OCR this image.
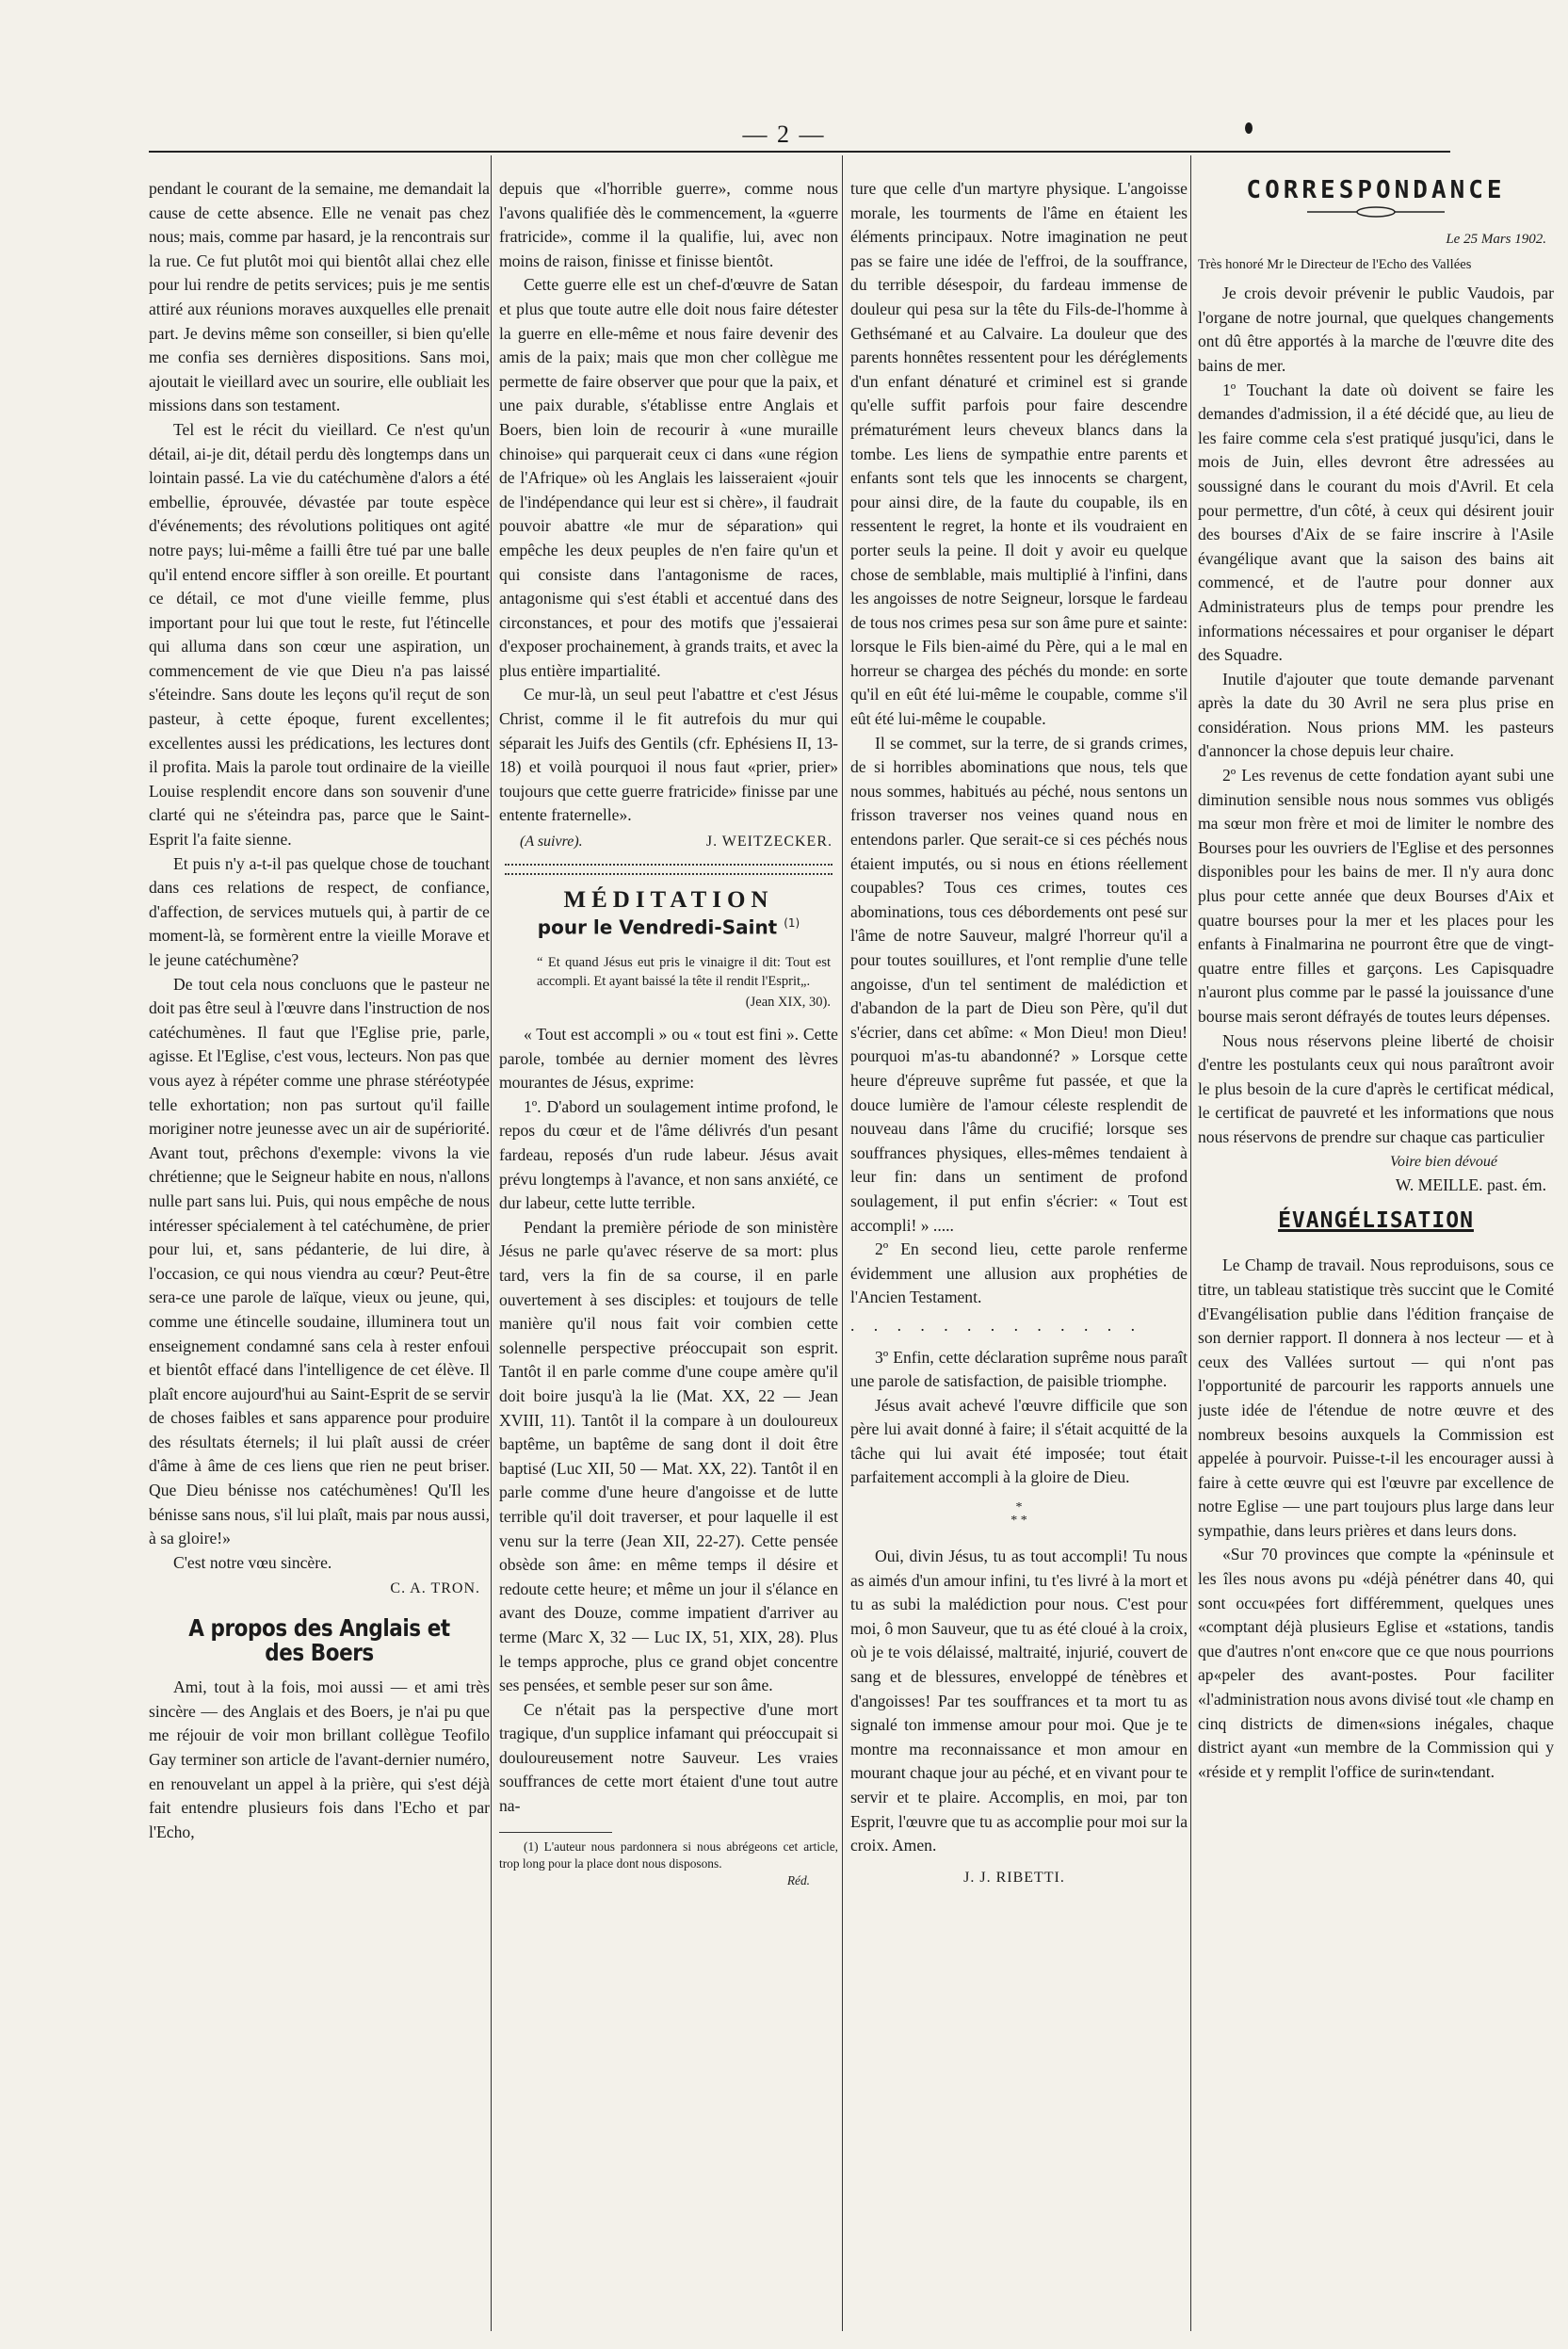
— 2 —

pendant le courant de la semaine, me demandait la cause de cette absence. Elle ne venait pas chez nous; mais, comme par hasard, je la rencontrais sur la rue. Ce fut plutôt moi qui bientôt allai chez elle pour lui rendre de petits services; puis je me sentis attiré aux réunions moraves auxquelles elle prenait part. Je devins même son conseiller, si bien qu'elle me confia ses dernières dispositions. Sans moi, ajoutait le vieillard avec un sourire, elle oubliait les missions dans son testament.

Tel est le récit du vieillard. Ce n'est qu'un détail, ai-je dit, détail perdu dès longtemps dans un lointain passé. La vie du catéchumène d'alors a été embellie, éprouvée, dévastée par toute espèce d'événements; des révolutions politiques ont agité notre pays; lui-même a failli être tué par une balle qu'il entend encore siffler à son oreille. Et pourtant ce détail, ce mot d'une vieille femme, plus important pour lui que tout le reste, fut l'étincelle qui alluma dans son cœur une aspiration, un commencement de vie que Dieu n'a pas laissé s'éteindre. Sans doute les leçons qu'il reçut de son pasteur, à cette époque, furent excellentes; excellentes aussi les prédications, les lectures dont il profita. Mais la parole tout ordinaire de la vieille Louise resplendit encore dans son souvenir d'une clarté qui ne s'éteindra pas, parce que le Saint-Esprit l'a faite sienne.

Et puis n'y a-t-il pas quelque chose de touchant dans ces relations de respect, de confiance, d'affection, de services mutuels qui, à partir de ce moment-là, se formèrent entre la vieille Morave et le jeune catéchumène?

De tout cela nous concluons que le pasteur ne doit pas être seul à l'œuvre dans l'instruction de nos catéchumènes. Il faut que l'Eglise prie, parle, agisse. Et l'Eglise, c'est vous, lecteurs. Non pas que vous ayez à répéter comme une phrase stéréotypée telle exhortation; non pas surtout qu'il faille moriginer notre jeunesse avec un air de supériorité. Avant tout, prêchons d'exemple: vivons la vie chrétienne; que le Seigneur habite en nous, n'allons nulle part sans lui. Puis, qui nous empêche de nous intéresser spécialement à tel catéchumène, de prier pour lui, et, sans pédanterie, de lui dire, à l'occasion, ce qui nous viendra au cœur? Peut-être sera-ce une parole de laïque, vieux ou jeune, qui, comme une étincelle soudaine, illuminera tout un enseignement condamné sans cela à rester enfoui et bientôt effacé dans l'intelligence de cet élève. Il plaît encore aujourd'hui au Saint-Esprit de se servir de choses faibles et sans apparence pour produire des résultats éternels; il lui plaît aussi de créer d'âme à âme de ces liens que rien ne peut briser. Que Dieu bénisse nos catéchumènes! Qu'Il les bénisse sans nous, s'il lui plaît, mais par nous aussi, à sa gloire!»

C'est notre vœu sincère.

C. A. TRON.
A propos des Anglais et des Boers

Ami, tout à la fois, moi aussi — et ami très sincère — des Anglais et des Boers, je n'ai pu que me réjouir de voir mon brillant collègue Teofilo Gay terminer son article de l'avant-dernier numéro, en renouvelant un appel à la prière, qui s'est déjà fait entendre plusieurs fois dans l'Echo et par l'Echo,

depuis que «l'horrible guerre», comme nous l'avons qualifiée dès le commencement, la «guerre fratricide», comme il la qualifie, lui, avec non moins de raison, finisse et finisse bientôt.

Cette guerre elle est un chef-d'œuvre de Satan et plus que toute autre elle doit nous faire détester la guerre en elle-même et nous faire devenir des amis de la paix; mais que mon cher collègue me permette de faire observer que pour que la paix, et une paix durable, s'établisse entre Anglais et Boers, bien loin de recourir à «une muraille chinoise» qui parquerait ceux ci dans «une région de l'Afrique» où les Anglais les laisseraient «jouir de l'indépendance qui leur est si chère», il faudrait pouvoir abattre «le mur de séparation» qui empêche les deux peuples de n'en faire qu'un et qui consiste dans l'antagonisme de races, antagonisme qui s'est établi et accentué dans des circonstances, et pour des motifs que j'essaierai d'exposer prochainement, à grands traits, et avec la plus entière impartialité.

Ce mur-là, un seul peut l'abattre et c'est Jésus Christ, comme il le fit autrefois du mur qui séparait les Juifs des Gentils (cfr. Ephésiens II, 13-18) et voilà pourquoi il nous faut «prier, prier» toujours que cette guerre fratricide» finisse par une entente fraternelle».

(A suivre).	J. WEITZECKER.
MÉDITATION
pour le Vendredi-Saint $^{(1)}$
“ Et quand Jésus eut pris le vinaigre il dit: Tout est accompli. Et ayant baissé la tête il rendit l'Esprit„.
(Jean XIX, 30).

« Tout est accompli » ou « tout est fini ». Cette parole, tombée au dernier moment des lèvres mourantes de Jésus, exprime:

1º. D'abord un soulagement intime profond, le repos du cœur et de l'âme délivrés d'un pesant fardeau, reposés d'un rude labeur. Jésus avait prévu longtemps à l'avance, et non sans anxiété, ce dur labeur, cette lutte terrible.

Pendant la première période de son ministère Jésus ne parle qu'avec réserve de sa mort: plus tard, vers la fin de sa course, il en parle ouvertement à ses disciples: et toujours de telle manière qu'il nous fait voir combien cette solennelle perspective préoccupait son esprit. Tantôt il en parle comme d'une coupe amère qu'il doit boire jusqu'à la lie (Mat. XX, 22 — Jean XVIII, 11). Tantôt il la compare à un douloureux baptême, un baptême de sang dont il doit être baptisé (Luc XII, 50 — Mat. XX, 22). Tantôt il en parle comme d'une heure d'angoisse et de lutte terrible qu'il doit traverser, et pour laquelle il est venu sur la terre (Jean XII, 22-27). Cette pensée obsède son âme: en même temps il désire et redoute cette heure; et même un jour il s'élance en avant des Douze, comme impatient d'arriver au terme (Marc X, 32 — Luc IX, 51, XIX, 28). Plus le temps approche, plus ce grand objet concentre ses pensées, et semble peser sur son âme.

Ce n'était pas la perspective d'une mort tragique, d'un supplice infamant qui préoccupait si douloureusement notre Sauveur. Les vraies souffrances de cette mort étaient d'une tout autre na-

(1) L'auteur nous pardonnera si nous abrégeons cet article, trop long pour la place dont nous disposons.

Réd.

ture que celle d'un martyre physique. L'angoisse morale, les tourments de l'âme en étaient les éléments principaux. Notre imagination ne peut pas se faire une idée de l'effroi, de la souffrance, du terrible désespoir, du fardeau immense de douleur qui pesa sur la tête du Fils-de-l'homme à Gethsémané et au Calvaire. La douleur que des parents honnêtes ressentent pour les déréglements d'un enfant dénaturé et criminel est si grande qu'elle suffit parfois pour faire descendre prématurément leurs cheveux blancs dans la tombe. Les liens de sympathie entre parents et enfants sont tels que les innocents se chargent, pour ainsi dire, de la faute du coupable, ils en ressentent le regret, la honte et ils voudraient en porter seuls la peine. Il doit y avoir eu quelque chose de semblable, mais multiplié à l'infini, dans les angoisses de notre Seigneur, lorsque le fardeau de tous nos crimes pesa sur son âme pure et sainte: lorsque le Fils bien-aimé du Père, qui a le mal en horreur se chargea des péchés du monde: en sorte qu'il en eût été lui-même le coupable, comme s'il eût été lui-même le coupable.

Il se commet, sur la terre, de si grands crimes, de si horribles abominations que nous, tels que nous sommes, habitués au péché, nous sentons un frisson traverser nos veines quand nous en entendons parler. Que serait-ce si ces péchés nous étaient imputés, ou si nous en étions réellement coupables? Tous ces crimes, toutes ces abominations, tous ces débordements ont pesé sur l'âme de notre Sauveur, malgré l'horreur qu'il a pour toutes souillures, et l'ont remplie d'une telle angoisse, d'un tel sentiment de malédiction et d'abandon de la part de Dieu son Père, qu'il dut s'écrier, dans cet abîme: « Mon Dieu! mon Dieu! pourquoi m'as-tu abandonné? » Lorsque cette heure d'épreuve suprême fut passée, et que la douce lumière de l'amour céleste resplendit de nouveau dans l'âme du crucifié; lorsque ses souffrances physiques, elles-mêmes tendaient à leur fin: dans un sentiment de profond soulagement, il put enfin s'écrier: « Tout est accompli! » .....

2º En second lieu, cette parole renferme évidemment une allusion aux prophéties de l'Ancien Testament.

. . . . . . . . . . . . .

3º Enfin, cette déclaration suprême nous paraît une parole de satisfaction, de paisible triomphe.

Jésus avait achevé l'œuvre difficile que son père lui avait donné à faire; il s'était acquitté de la tâche qui lui avait été imposée; tout était parfaitement accompli à la gloire de Dieu.

*
* *

Oui, divin Jésus, tu as tout accompli! Tu nous as aimés d'un amour infini, tu t'es livré à la mort et tu as subi la malédiction pour nous. C'est pour moi, ô mon Sauveur, que tu as été cloué à la croix, où je te vois délaissé, maltraité, injurié, couvert de sang et de blessures, enveloppé de ténèbres et d'angoisses! Par tes souffrances et ta mort tu as signalé ton immense amour pour moi. Que je te montre ma reconnaissance et mon amour en mourant chaque jour au péché, et en vivant pour te servir et te plaire. Accomplis, en moi, par ton Esprit, l'œuvre que tu as accomplie pour moi sur la croix. Amen.

J. J. RIBETTI.
CORRESPONDANCE
Le 25 Mars 1902.
Très honoré Mr le Directeur de l'Echo des Vallées

Je crois devoir prévenir le public Vaudois, par l'organe de notre journal, que quelques changements ont dû être apportés à la marche de l'œuvre dite des bains de mer.

1º Touchant la date où doivent se faire les demandes d'admission, il a été décidé que, au lieu de les faire comme cela s'est pratiqué jusqu'ici, dans le mois de Juin, elles devront être adressées au soussigné dans le courant du mois d'Avril. Et cela pour permettre, d'un côté, à ceux qui désirent jouir des bourses d'Aix de se faire inscrire à l'Asile évangélique avant que la saison des bains ait commencé, et de l'autre pour donner aux Administrateurs plus de temps pour prendre les informations nécessaires et pour organiser le départ des Squadre.

Inutile d'ajouter que toute demande parvenant après la date du 30 Avril ne sera plus prise en considération. Nous prions MM. les pasteurs d'annoncer la chose depuis leur chaire.

2º Les revenus de cette fondation ayant subi une diminution sensible nous nous sommes vus obligés ma sœur mon frère et moi de limiter le nombre des Bourses pour les ouvriers de l'Eglise et des personnes disponibles pour les bains de mer. Il n'y aura donc plus pour cette année que deux Bourses d'Aix et quatre bourses pour la mer et les places pour les enfants à Finalmarina ne pourront être que de vingt-quatre entre filles et garçons. Les Capisquadre n'auront plus comme par le passé la jouissance d'une bourse mais seront défrayés de toutes leurs dépenses.

Nous nous réservons pleine liberté de choisir d'entre les postulants ceux qui nous paraîtront avoir le plus besoin de la cure d'après le certificat médical, le certificat de pauvreté et les informations que nous nous réservons de prendre sur chaque cas particulier

Voire bien dévoué
W. MEILLE. past. ém.
ÉVANGÉLISATION

Le Champ de travail. Nous reproduisons, sous ce titre, un tableau statistique très succint que le Comité d'Evangélisation publie dans l'édition française de son dernier rapport. Il donnera à nos lecteur — et à ceux des Vallées surtout — qui n'ont pas l'opportunité de parcourir les rapports annuels une juste idée de l'étendue de notre œuvre et des nombreux besoins auxquels la Commission est appelée à pourvoir. Puisse-t-il les encourager aussi à faire à cette œuvre qui est l'œuvre par excellence de notre Eglise — une part toujours plus large dans leur sympathie, dans leurs prières et dans leurs dons.

«Sur 70 provinces que compte la «péninsule et les îles nous avons pu «déjà pénétrer dans 40, qui sont occu«pées fort différemment, quelques unes «comptant déjà plusieurs Eglise et «stations, tandis que d'autres n'ont en«core que ce que nous pourrions ap«peler des avant-postes. Pour faciliter «l'administration nous avons divisé tout «le champ en cinq districts de dimen«sions inégales, chaque district ayant «un membre de la Commission qui y «réside et y remplit l'office de surin«tendant.
